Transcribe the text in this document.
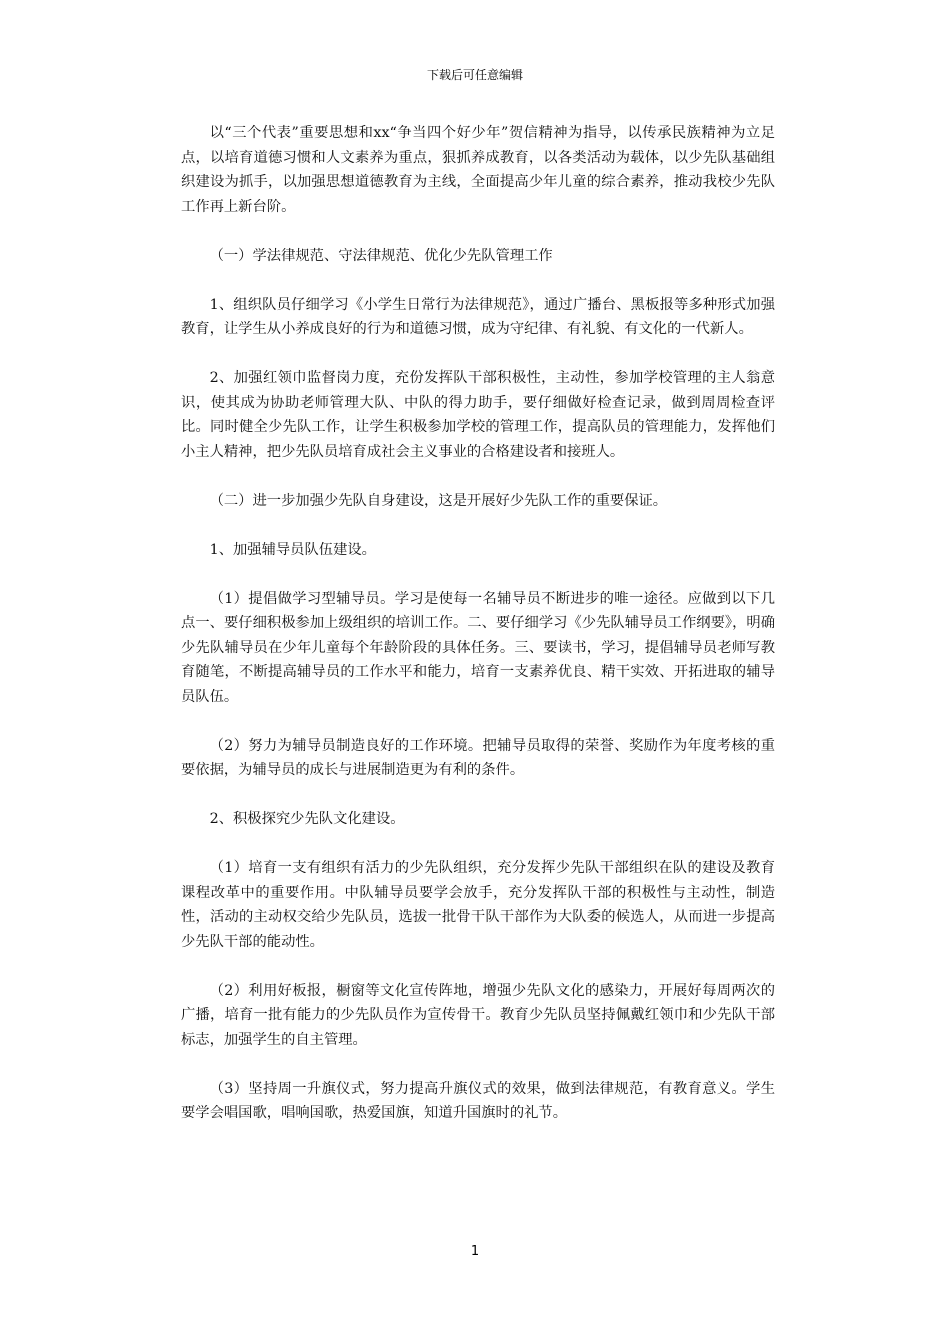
下载后可任意编辑

以“三个代表”重要思想和xx“争当四个好少年”贺信精神为指导，以传承民族精神为立足点，以培育道德习惯和人文素养为重点，狠抓养成教育，以各类活动为载体，以少先队基础组织建设为抓手，以加强思想道德教育为主线，全面提高少年儿童的综合素养，推动我校少先队工作再上新台阶。

（一）学法律规范、守法律规范、优化少先队管理工作

1、组织队员仔细学习《小学生日常行为法律规范》，通过广播台、黑板报等多种形式加强教育，让学生从小养成良好的行为和道德习惯，成为守纪律、有礼貌、有文化的一代新人。

2、加强红领巾监督岗力度，充份发挥队干部积极性，主动性，参加学校管理的主人翁意识，使其成为协助老师管理大队、中队的得力助手，要仔细做好检查记录，做到周周检查评比。同时健全少先队工作，让学生积极参加学校的管理工作，提高队员的管理能力，发挥他们小主人精神，把少先队员培育成社会主义事业的合格建设者和接班人。

（二）进一步加强少先队自身建设，这是开展好少先队工作的重要保证。

1、加强辅导员队伍建设。

（1）提倡做学习型辅导员。学习是使每一名辅导员不断进步的唯一途径。应做到以下几点一、要仔细积极参加上级组织的培训工作。二、要仔细学习《少先队辅导员工作纲要》，明确少先队辅导员在少年儿童每个年龄阶段的具体任务。三、要读书，学习，提倡辅导员老师写教育随笔，不断提高辅导员的工作水平和能力，培育一支素养优良、精干实效、开拓进取的辅导员队伍。

（2）努力为辅导员制造良好的工作环境。把辅导员取得的荣誉、奖励作为年度考核的重要依据，为辅导员的成长与进展制造更为有利的条件。

2、积极探究少先队文化建设。

（1）培育一支有组织有活力的少先队组织，充分发挥少先队干部组织在队的建设及教育课程改革中的重要作用。中队辅导员要学会放手，充分发挥队干部的积极性与主动性，制造性，活动的主动权交给少先队员，选拔一批骨干队干部作为大队委的候选人，从而进一步提高少先队干部的能动性。

（2）利用好板报，橱窗等文化宣传阵地，增强少先队文化的感染力，开展好每周两次的广播，培育一批有能力的少先队员作为宣传骨干。教育少先队员坚持佩戴红领巾和少先队干部标志，加强学生的自主管理。

（3）坚持周一升旗仪式，努力提高升旗仪式的效果，做到法律规范，有教育意义。学生要学会唱国歌，唱响国歌，热爱国旗，知道升国旗时的礼节。

1
